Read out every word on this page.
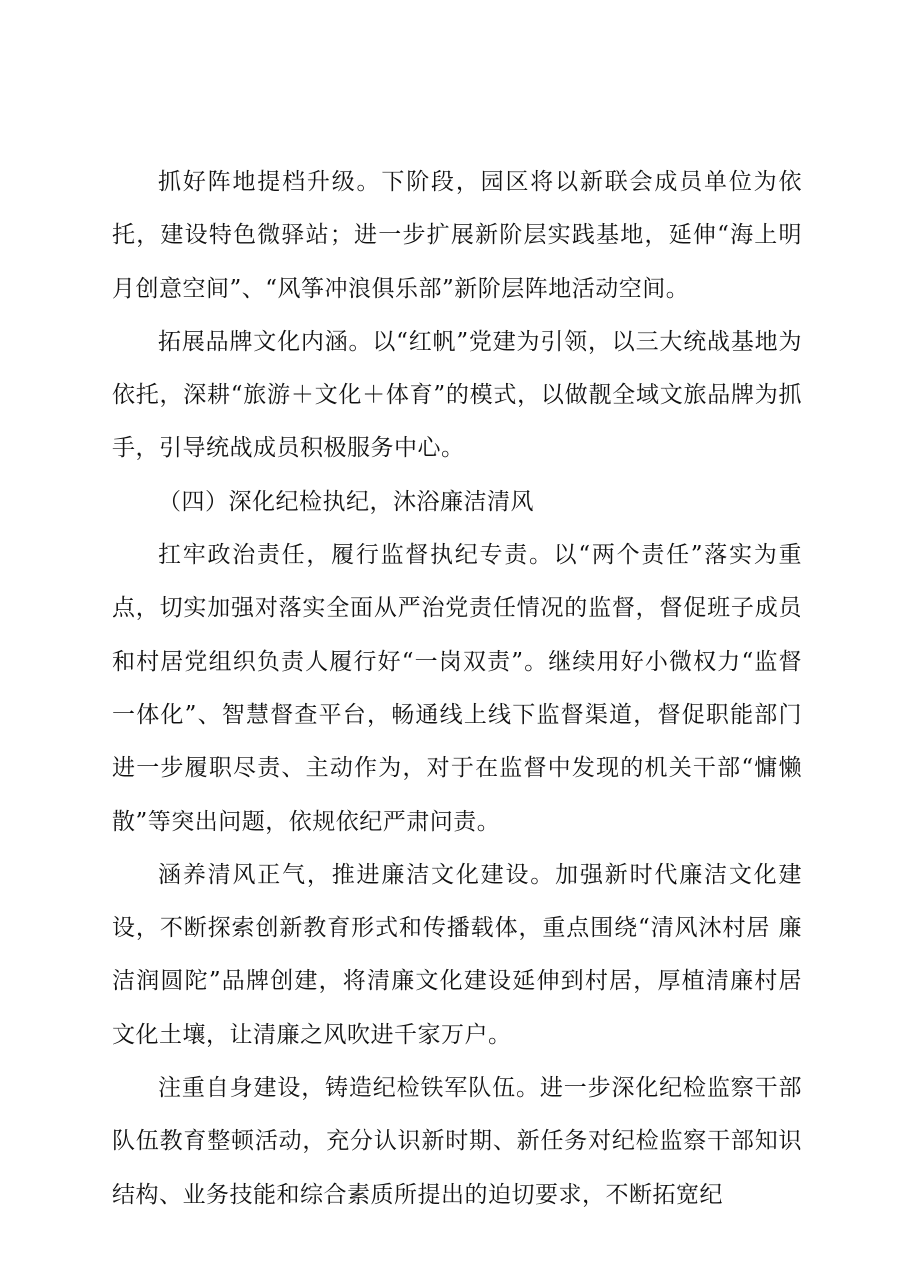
抓好阵地提档升级。下阶段，园区将以新联会成员单位为依托，建设特色微驿站；进一步扩展新阶层实践基地，延伸“海上明月创意空间”、“风筝冲浪俱乐部”新阶层阵地活动空间。

拓展品牌文化内涵。以“红帆”党建为引领，以三大统战基地为依托，深耕“旅游＋文化＋体育”的模式，以做靓全域文旅品牌为抓手，引导统战成员积极服务中心。

（四）深化纪检执纪，沐浴廉洁清风

扛牢政治责任，履行监督执纪专责。以“两个责任”落实为重点，切实加强对落实全面从严治党责任情况的监督，督促班子成员和村居党组织负责人履行好“一岗双责”。继续用好小微权力“监督一体化”、智慧督查平台，畅通线上线下监督渠道，督促职能部门进一步履职尽责、主动作为，对于在监督中发现的机关干部“慵懒散”等突出问题，依规依纪严肃问责。

涵养清风正气，推进廉洁文化建设。加强新时代廉洁文化建设，不断探索创新教育形式和传播载体，重点围绕“清风沐村居 廉洁润圆陀”品牌创建，将清廉文化建设延伸到村居，厚植清廉村居文化土壤，让清廉之风吹进千家万户。

注重自身建设，铸造纪检铁军队伍。进一步深化纪检监察干部队伍教育整顿活动，充分认识新时期、新任务对纪检监察干部知识结构、业务技能和综合素质所提出的迫切要求，不断拓宽纪
